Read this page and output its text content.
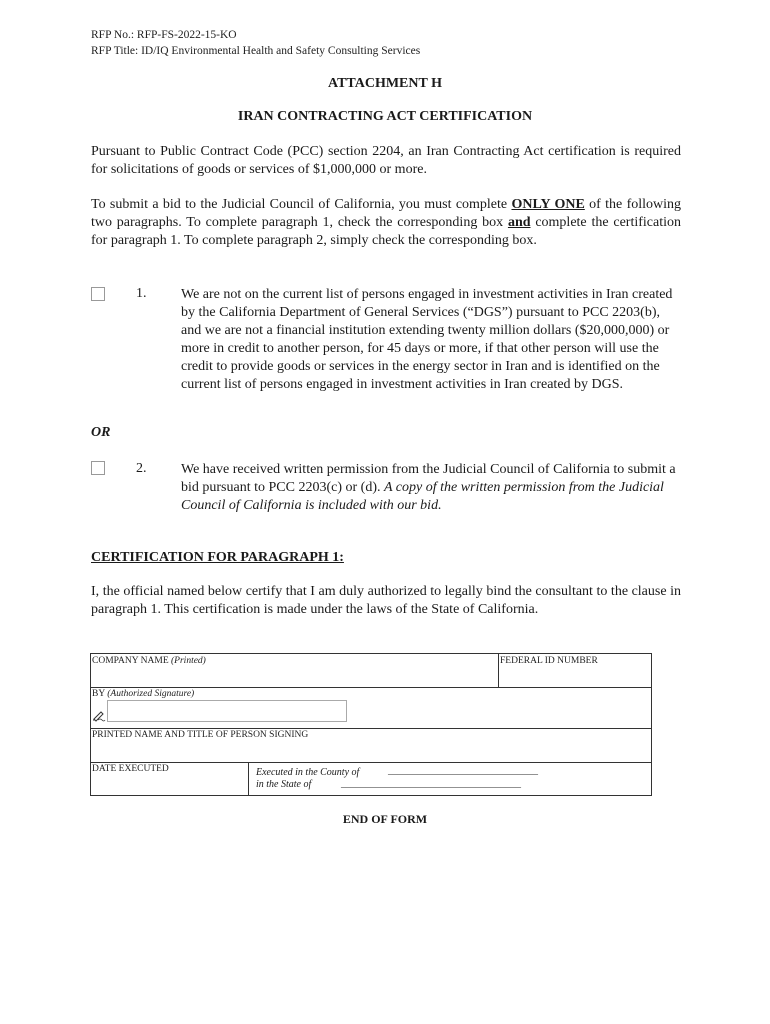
RFP No.: RFP-FS-2022-15-KO
RFP Title: ID/IQ Environmental Health and Safety Consulting Services
ATTACHMENT H
IRAN CONTRACTING ACT CERTIFICATION
Pursuant to Public Contract Code (PCC) section 2204, an Iran Contracting Act certification is required for solicitations of goods or services of $1,000,000 or more.
To submit a bid to the Judicial Council of California, you must complete ONLY ONE of the following two paragraphs. To complete paragraph 1, check the corresponding box and complete the certification for paragraph 1. To complete paragraph 2, simply check the corresponding box.
1. We are not on the current list of persons engaged in investment activities in Iran created by the California Department of General Services (“DGS”) pursuant to PCC 2203(b), and we are not a financial institution extending twenty million dollars ($20,000,000) or more in credit to another person, for 45 days or more, if that other person will use the credit to provide goods or services in the energy sector in Iran and is identified on the current list of persons engaged in investment activities in Iran created by DGS.
OR
2. We have received written permission from the Judicial Council of California to submit a bid pursuant to PCC 2203(c) or (d). A copy of the written permission from the Judicial Council of California is included with our bid.
CERTIFICATION FOR PARAGRAPH 1:
I, the official named below certify that I am duly authorized to legally bind the consultant to the clause in paragraph 1. This certification is made under the laws of the State of California.
COMPANY NAME (Printed)	FEDERAL ID NUMBER
BY (Authorized Signature)
PRINTED NAME AND TITLE OF PERSON SIGNING
DATE EXECUTED	Executed in the County of	______________________________
in the State of	____________________________________
END OF FORM
